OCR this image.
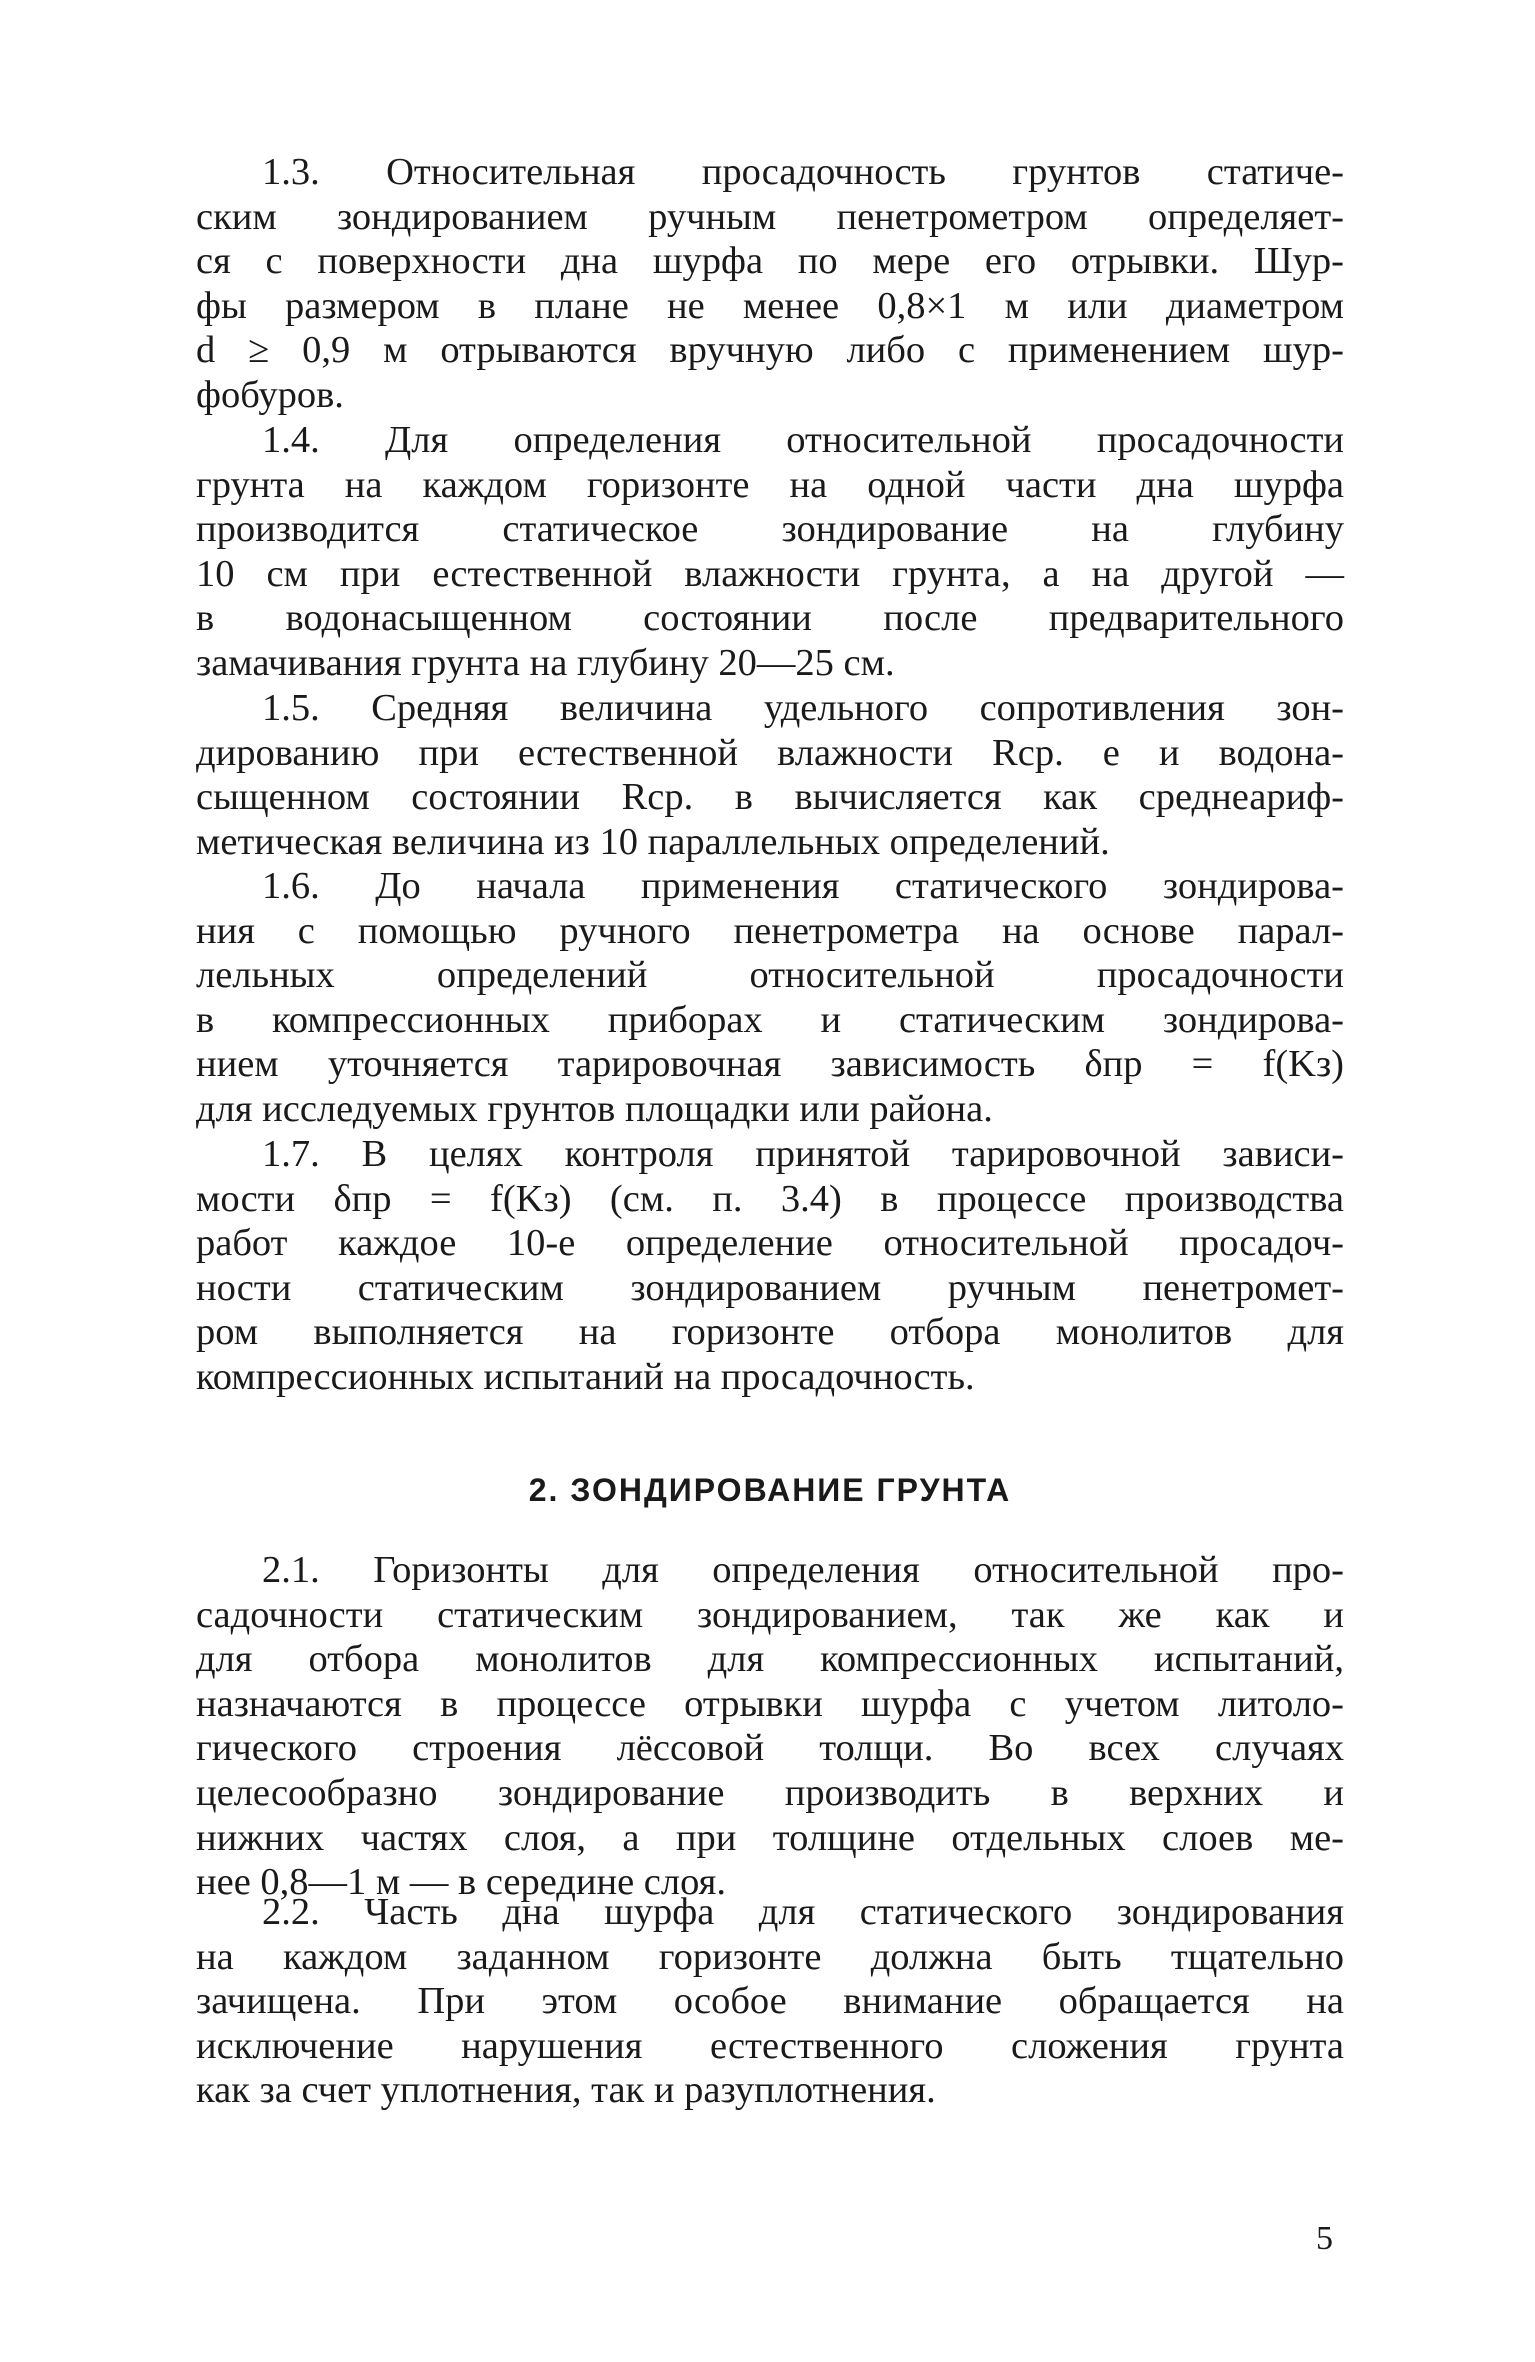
1.3. Относительная просадочность грунтов статиче-
ским зондированием ручным пенетрометром определяет-
ся с поверхности дна шурфа по мере его отрывки. Шур-
фы размером в плане не менее 0,8×1 м или диаметром
d ≥ 0,9 м отрываются вручную либо с применением шур-
фобуров.

1.4. Для определения относительной просадочности
грунта на каждом горизонте на одной части дна шурфа
производится статическое зондирование на глубину
10 см при естественной влажности грунта, а на другой —
в водонасыщенном состоянии после предварительного
замачивания грунта на глубину 20—25 см.

1.5. Средняя величина удельного сопротивления зон-
дированию при естественной влажности Rср. е и водона-
сыщенном состоянии Rср. в вычисляется как среднеариф-
метическая величина из 10 параллельных определений.

1.6. До начала применения статического зондирова-
ния с помощью ручного пенетрометра на основе парал-
лельных определений относительной просадочности
в компрессионных приборах и статическим зондирова-
нием уточняется тарировочная зависимость δпр = f(Kз)
для исследуемых грунтов площадки или района.

1.7. В целях контроля принятой тарировочной зависи-
мости δпр = f(Kз) (см. п. 3.4) в процессе производства
работ каждое 10-е определение относительной просадоч-
ности статическим зондированием ручным пенетромет-
ром выполняется на горизонте отбора монолитов для
компрессионных испытаний на просадочность.

2. ЗОНДИРОВАНИЕ ГРУНТА

2.1. Горизонты для определения относительной про-
садочности статическим зондированием, так же как и
для отбора монолитов для компрессионных испытаний,
назначаются в процессе отрывки шурфа с учетом литоло-
гического строения лёссовой толщи. Во всех случаях
целесообразно зондирование производить в верхних и
нижних частях слоя, а при толщине отдельных слоев ме-
нее 0,8—1 м — в середине слоя.

2.2. Часть дна шурфа для статического зондирования
на каждом заданном горизонте должна быть тщательно
зачищена. При этом особое внимание обращается на
исключение нарушения естественного сложения грунта
как за счет уплотнения, так и разуплотнения.

5
